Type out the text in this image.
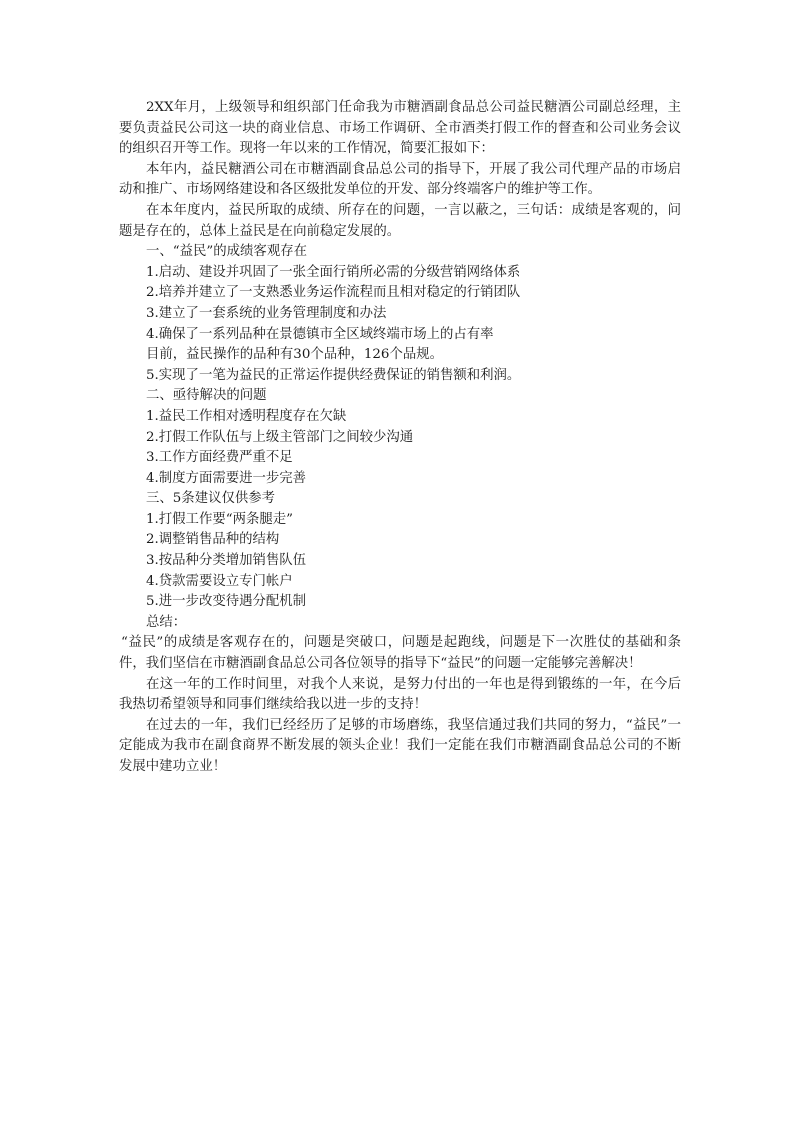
2XX年月，上级领导和组织部门任命我为市糖酒副食品总公司益民糖酒公司副总经理，主要负责益民公司这一块的商业信息、市场工作调研、全市酒类打假工作的督查和公司业务会议的组织召开等工作。现将一年以来的工作情况，简要汇报如下：

本年内，益民糖酒公司在市糖酒副食品总公司的指导下，开展了我公司代理产品的市场启动和推广、市场网络建设和各区级批发单位的开发、部分终端客户的维护等工作。

在本年度内，益民所取的成绩、所存在的问题，一言以蔽之，三句话：成绩是客观的，问题是存在的，总体上益民是在向前稳定发展的。

一、“益民”的成绩客观存在

1.启动、建设并巩固了一张全面行销所必需的分级营销网络体系

2.培养并建立了一支熟悉业务运作流程而且相对稳定的行销团队

3.建立了一套系统的业务管理制度和办法

4.确保了一系列品种在景德镇市全区域终端市场上的占有率

目前，益民操作的品种有30个品种，126个品规。

5.实现了一笔为益民的正常运作提供经费保证的销售额和利润。

二、亟待解决的问题

1.益民工作相对透明程度存在欠缺

2.打假工作队伍与上级主管部门之间较少沟通

3.工作方面经费严重不足

4.制度方面需要进一步完善

三、5条建议仅供参考

1.打假工作要“两条腿走”

2.调整销售品种的结构

3.按品种分类增加销售队伍

4.贷款需要设立专门帐户

5.进一步改变待遇分配机制

总结：

“益民”的成绩是客观存在的，问题是突破口，问题是起跑线，问题是下一次胜仗的基础和条件，我们坚信在市糖酒副食品总公司各位领导的指导下“益民”的问题一定能够完善解决！

在这一年的工作时间里，对我个人来说，是努力付出的一年也是得到锻练的一年，在今后我热切希望领导和同事们继续给我以进一步的支持！

在过去的一年，我们已经经历了足够的市场磨练，我坚信通过我们共同的努力，“益民”一定能成为我市在副食商界不断发展的领头企业！我们一定能在我们市糖酒副食品总公司的不断发展中建功立业！
